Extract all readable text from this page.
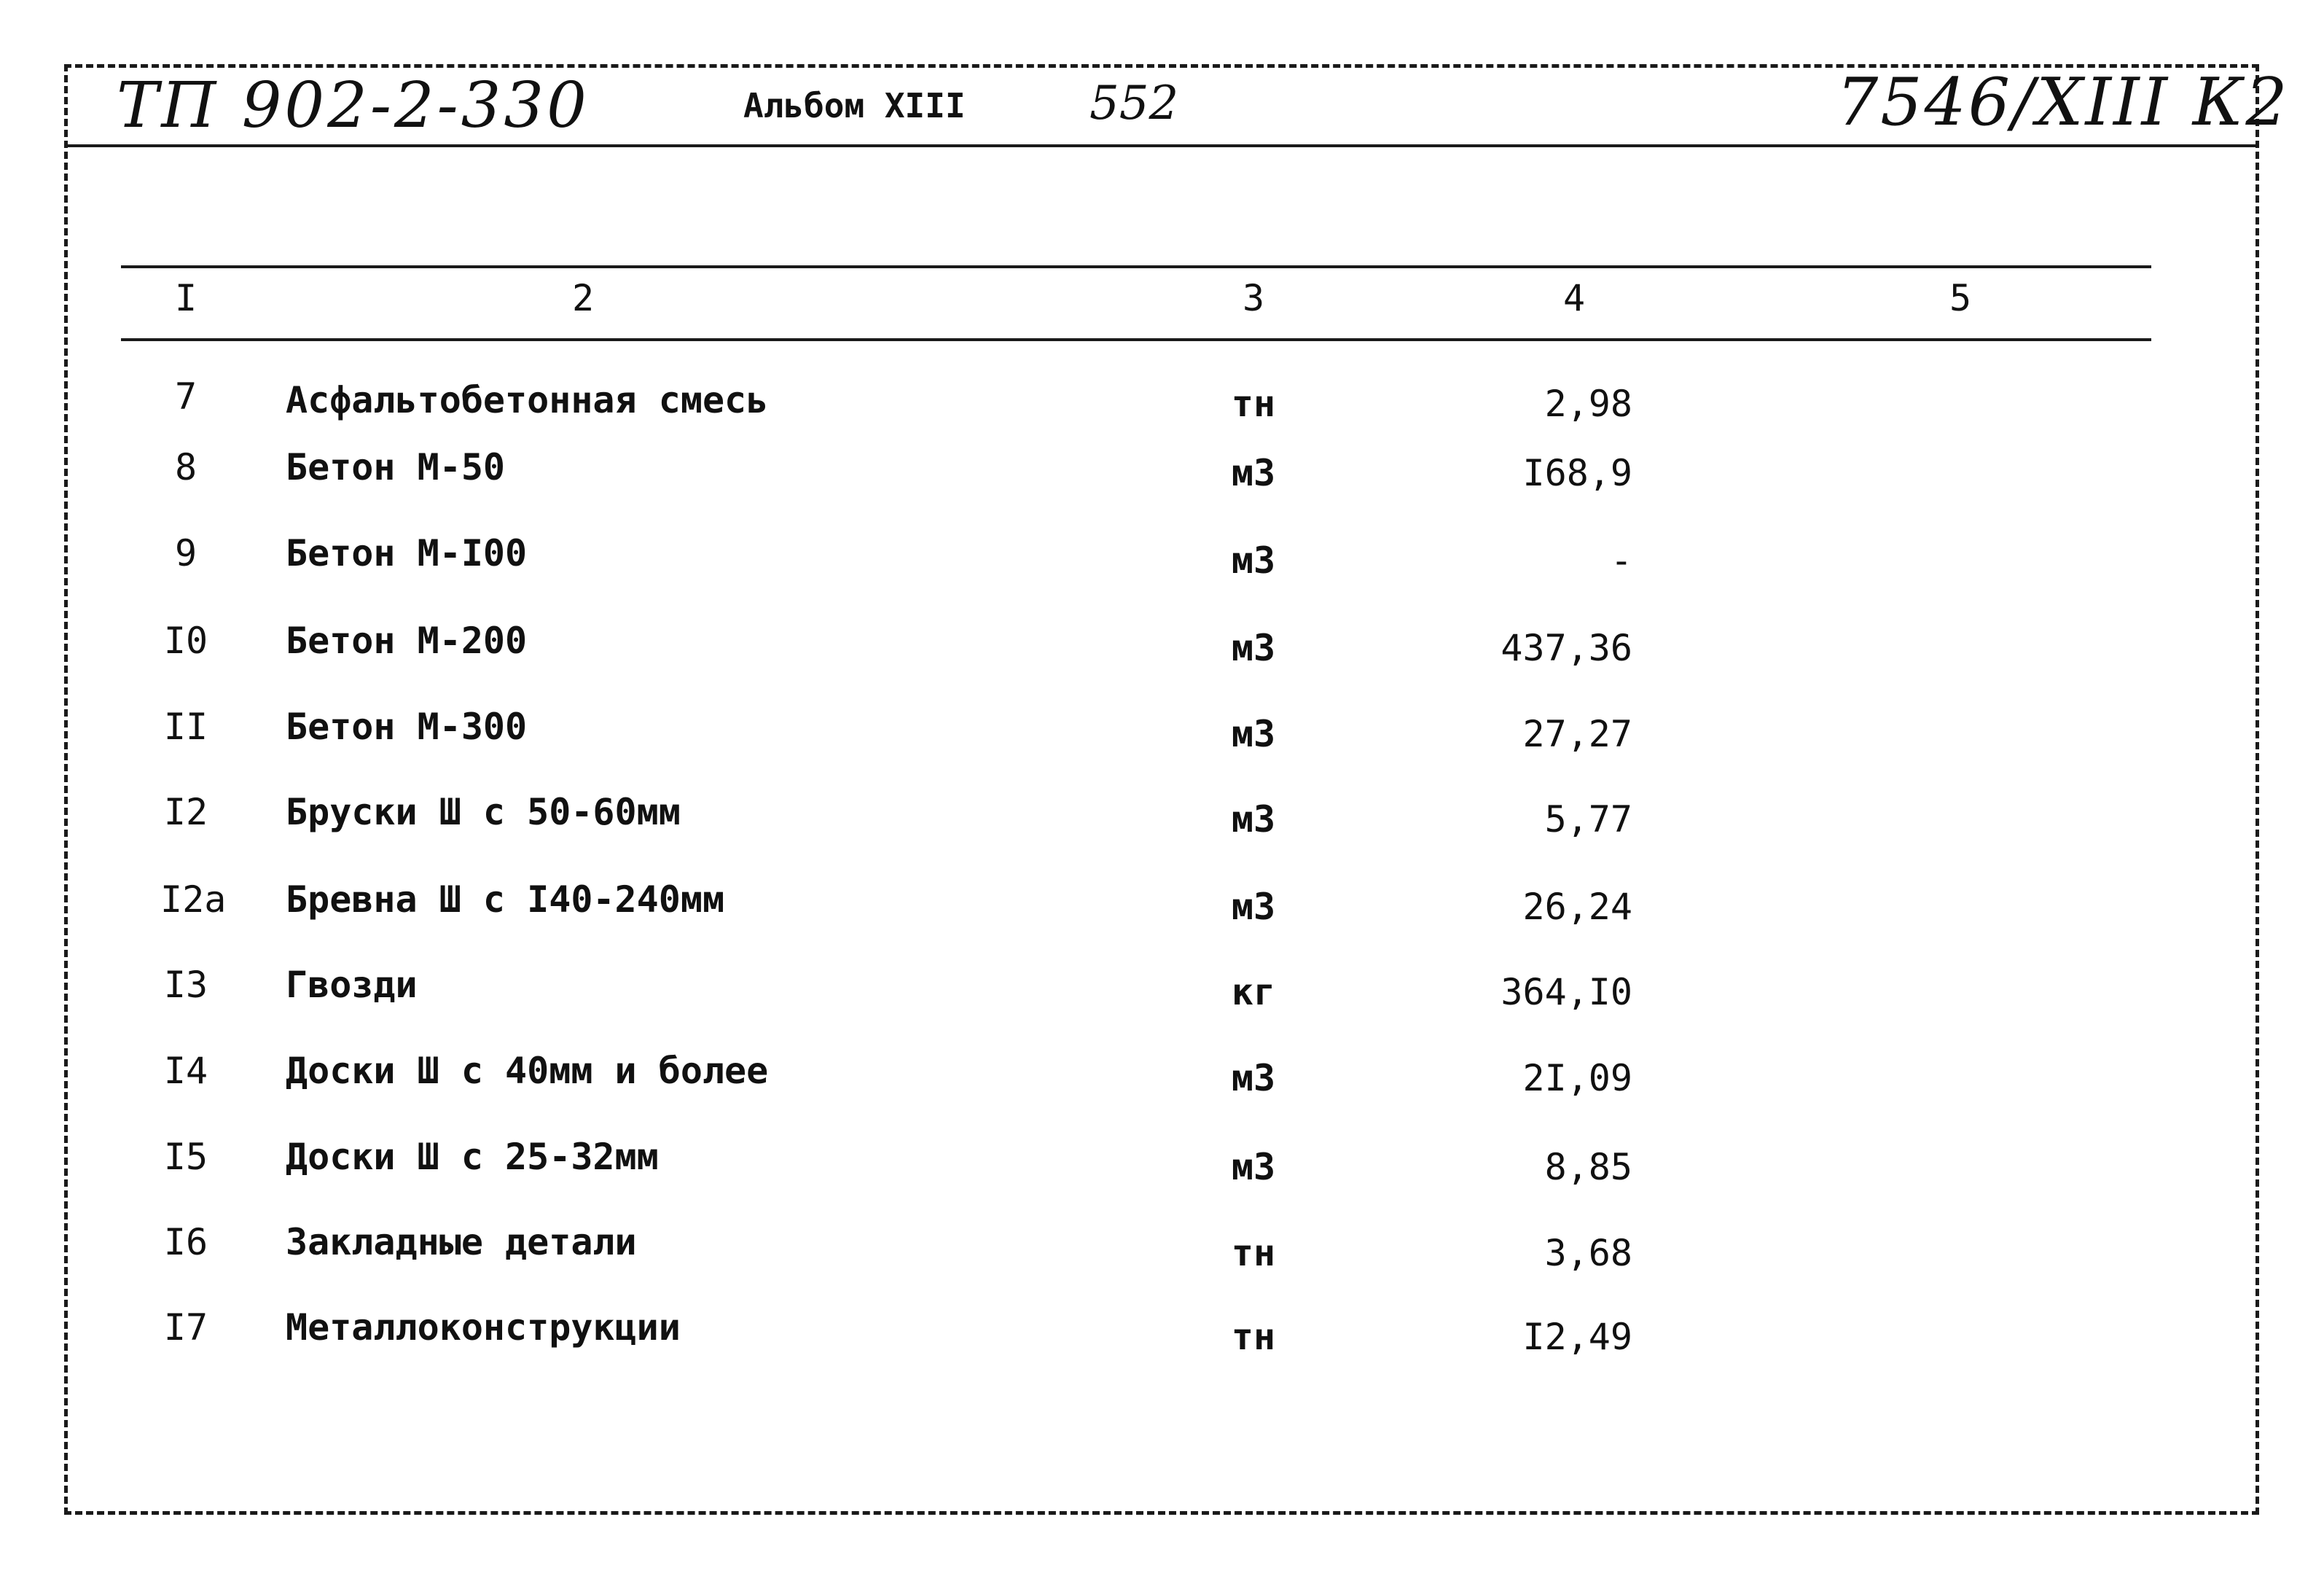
ТП 902-2-330	Альбом XIII	552	7546/XIII К2
I	2	3	4	5
7	Асфальтобетонная смесь	тн	2,98
8	Бетон М-50	м3	I68,9
9	Бетон М-I00	м3	-
I0 Бетон М-200	м3	437,36
II Бетон М-300	м3	27,27
I2 Бруски Ш с 50-60мм	м3	5,77
I2а Бревна Ш с I40-240мм	м3	26,24
I3 Гвозди	кг	364,I0
I4 Доски Ш с 40мм и более	м3	2I,09
I5 Доски Ш с 25-32мм	м3	8,85
I6 Закладные детали	тн	3,68
I7 Металлоконструкции	тн	I2,49
